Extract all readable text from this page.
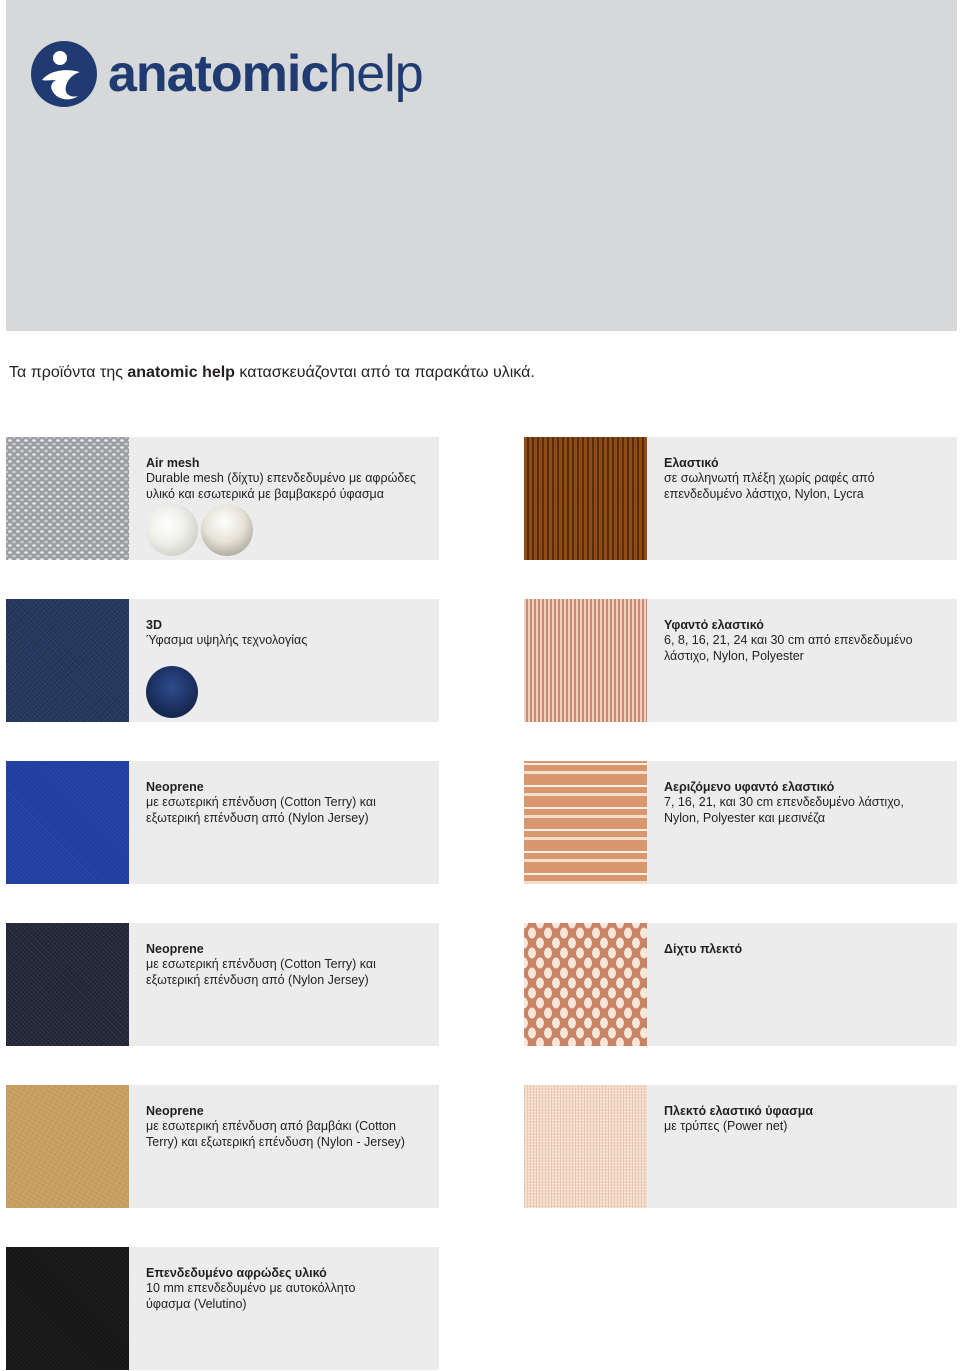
anatomichelp
Τα προϊόντα της anatomic help κατασκευάζονται από τα παρακάτω υλικά.
Air mesh
Durable mesh (δίχτυ) επενδεδυμένο με αφρώδες
υλικό και εσωτερικά με βαμβακερό ύφασμα
Ελαστικό
σε σωληνωτή πλέξη χωρίς ραφές από
επενδεδυμένο λάστιχο, Nylon, Lycra
3D
Ύφασμα υψηλής τεχνολογίας
Υφαντό ελαστικό
6, 8, 16, 21, 24 και 30 cm από επενδεδυμένο
λάστιχο, Nylon, Polyester
Neoprene
με εσωτερική επένδυση (Cotton Terry) και
εξωτερική επένδυση από (Nylon Jersey)
Αεριζόμενο υφαντό ελαστικό
7, 16, 21, και 30 cm επενδεδυμένο λάστιχο,
Nylon, Polyester και μεσινέζα
Neoprene
με εσωτερική επένδυση (Cotton Terry) και
εξωτερική επένδυση από (Nylon Jersey)
Δίχτυ πλεκτό
Neoprene
με εσωτερική επένδυση από βαμβάκι (Cotton
Terry) και εξωτερική επένδυση (Nylon - Jersey)
Πλεκτό ελαστικό ύφασμα
με τρύπες (Power net)
Επενδεδυμένο αφρώδες υλικό
10 mm επενδεδυμένο με αυτοκόλλητο
ύφασμα (Velutino)
